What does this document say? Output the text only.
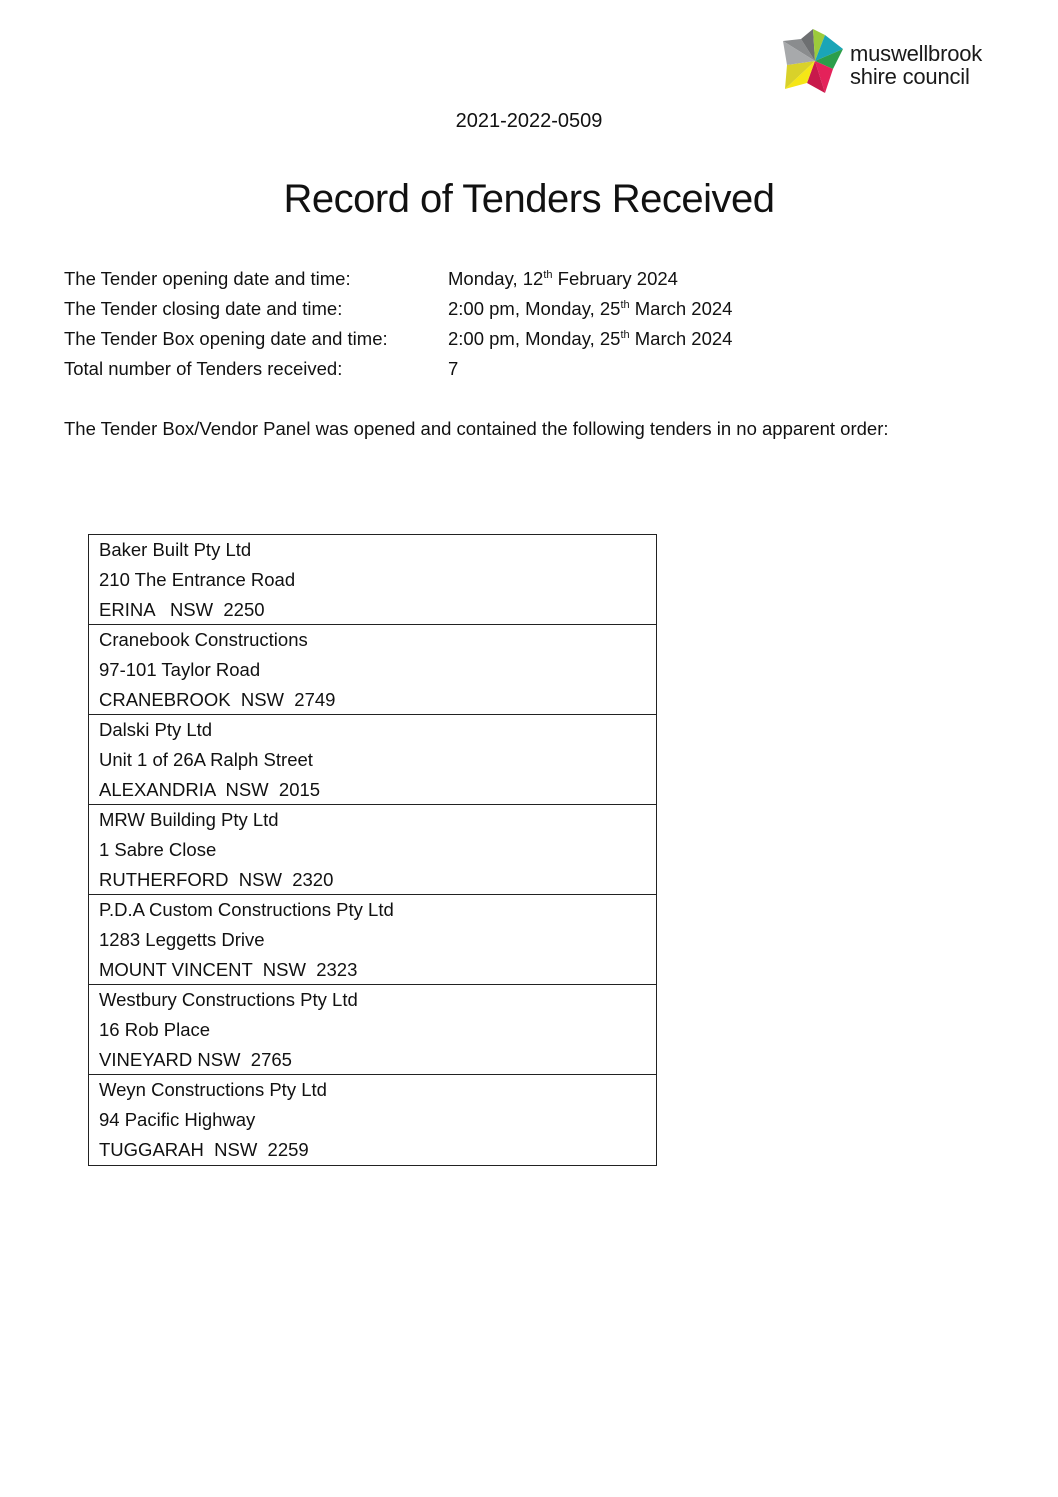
muswellbrook
shire council
2021-2022-0509
Record of Tenders Received
The Tender opening date and time:	Monday, 12th February 2024
The Tender closing date and time:	2:00 pm, Monday, 25th March 2024
The Tender Box opening date and time:	2:00 pm, Monday, 25th March 2024
Total number of Tenders received:	7
The Tender Box/Vendor Panel was opened and contained the following tenders in no apparent order:
Baker Built Pty Ltd
210 The Entrance Road
ERINA   NSW  2250
Cranebook Constructions
97-101 Taylor Road
CRANEBROOK  NSW  2749
Dalski Pty Ltd
Unit 1 of 26A Ralph Street
ALEXANDRIA  NSW  2015
MRW Building Pty Ltd
1 Sabre Close
RUTHERFORD  NSW  2320
P.D.A Custom Constructions Pty Ltd
1283 Leggetts Drive
MOUNT VINCENT  NSW  2323
Westbury Constructions Pty Ltd
16 Rob Place
VINEYARD NSW  2765
Weyn Constructions Pty Ltd
94 Pacific Highway
TUGGARAH  NSW  2259
